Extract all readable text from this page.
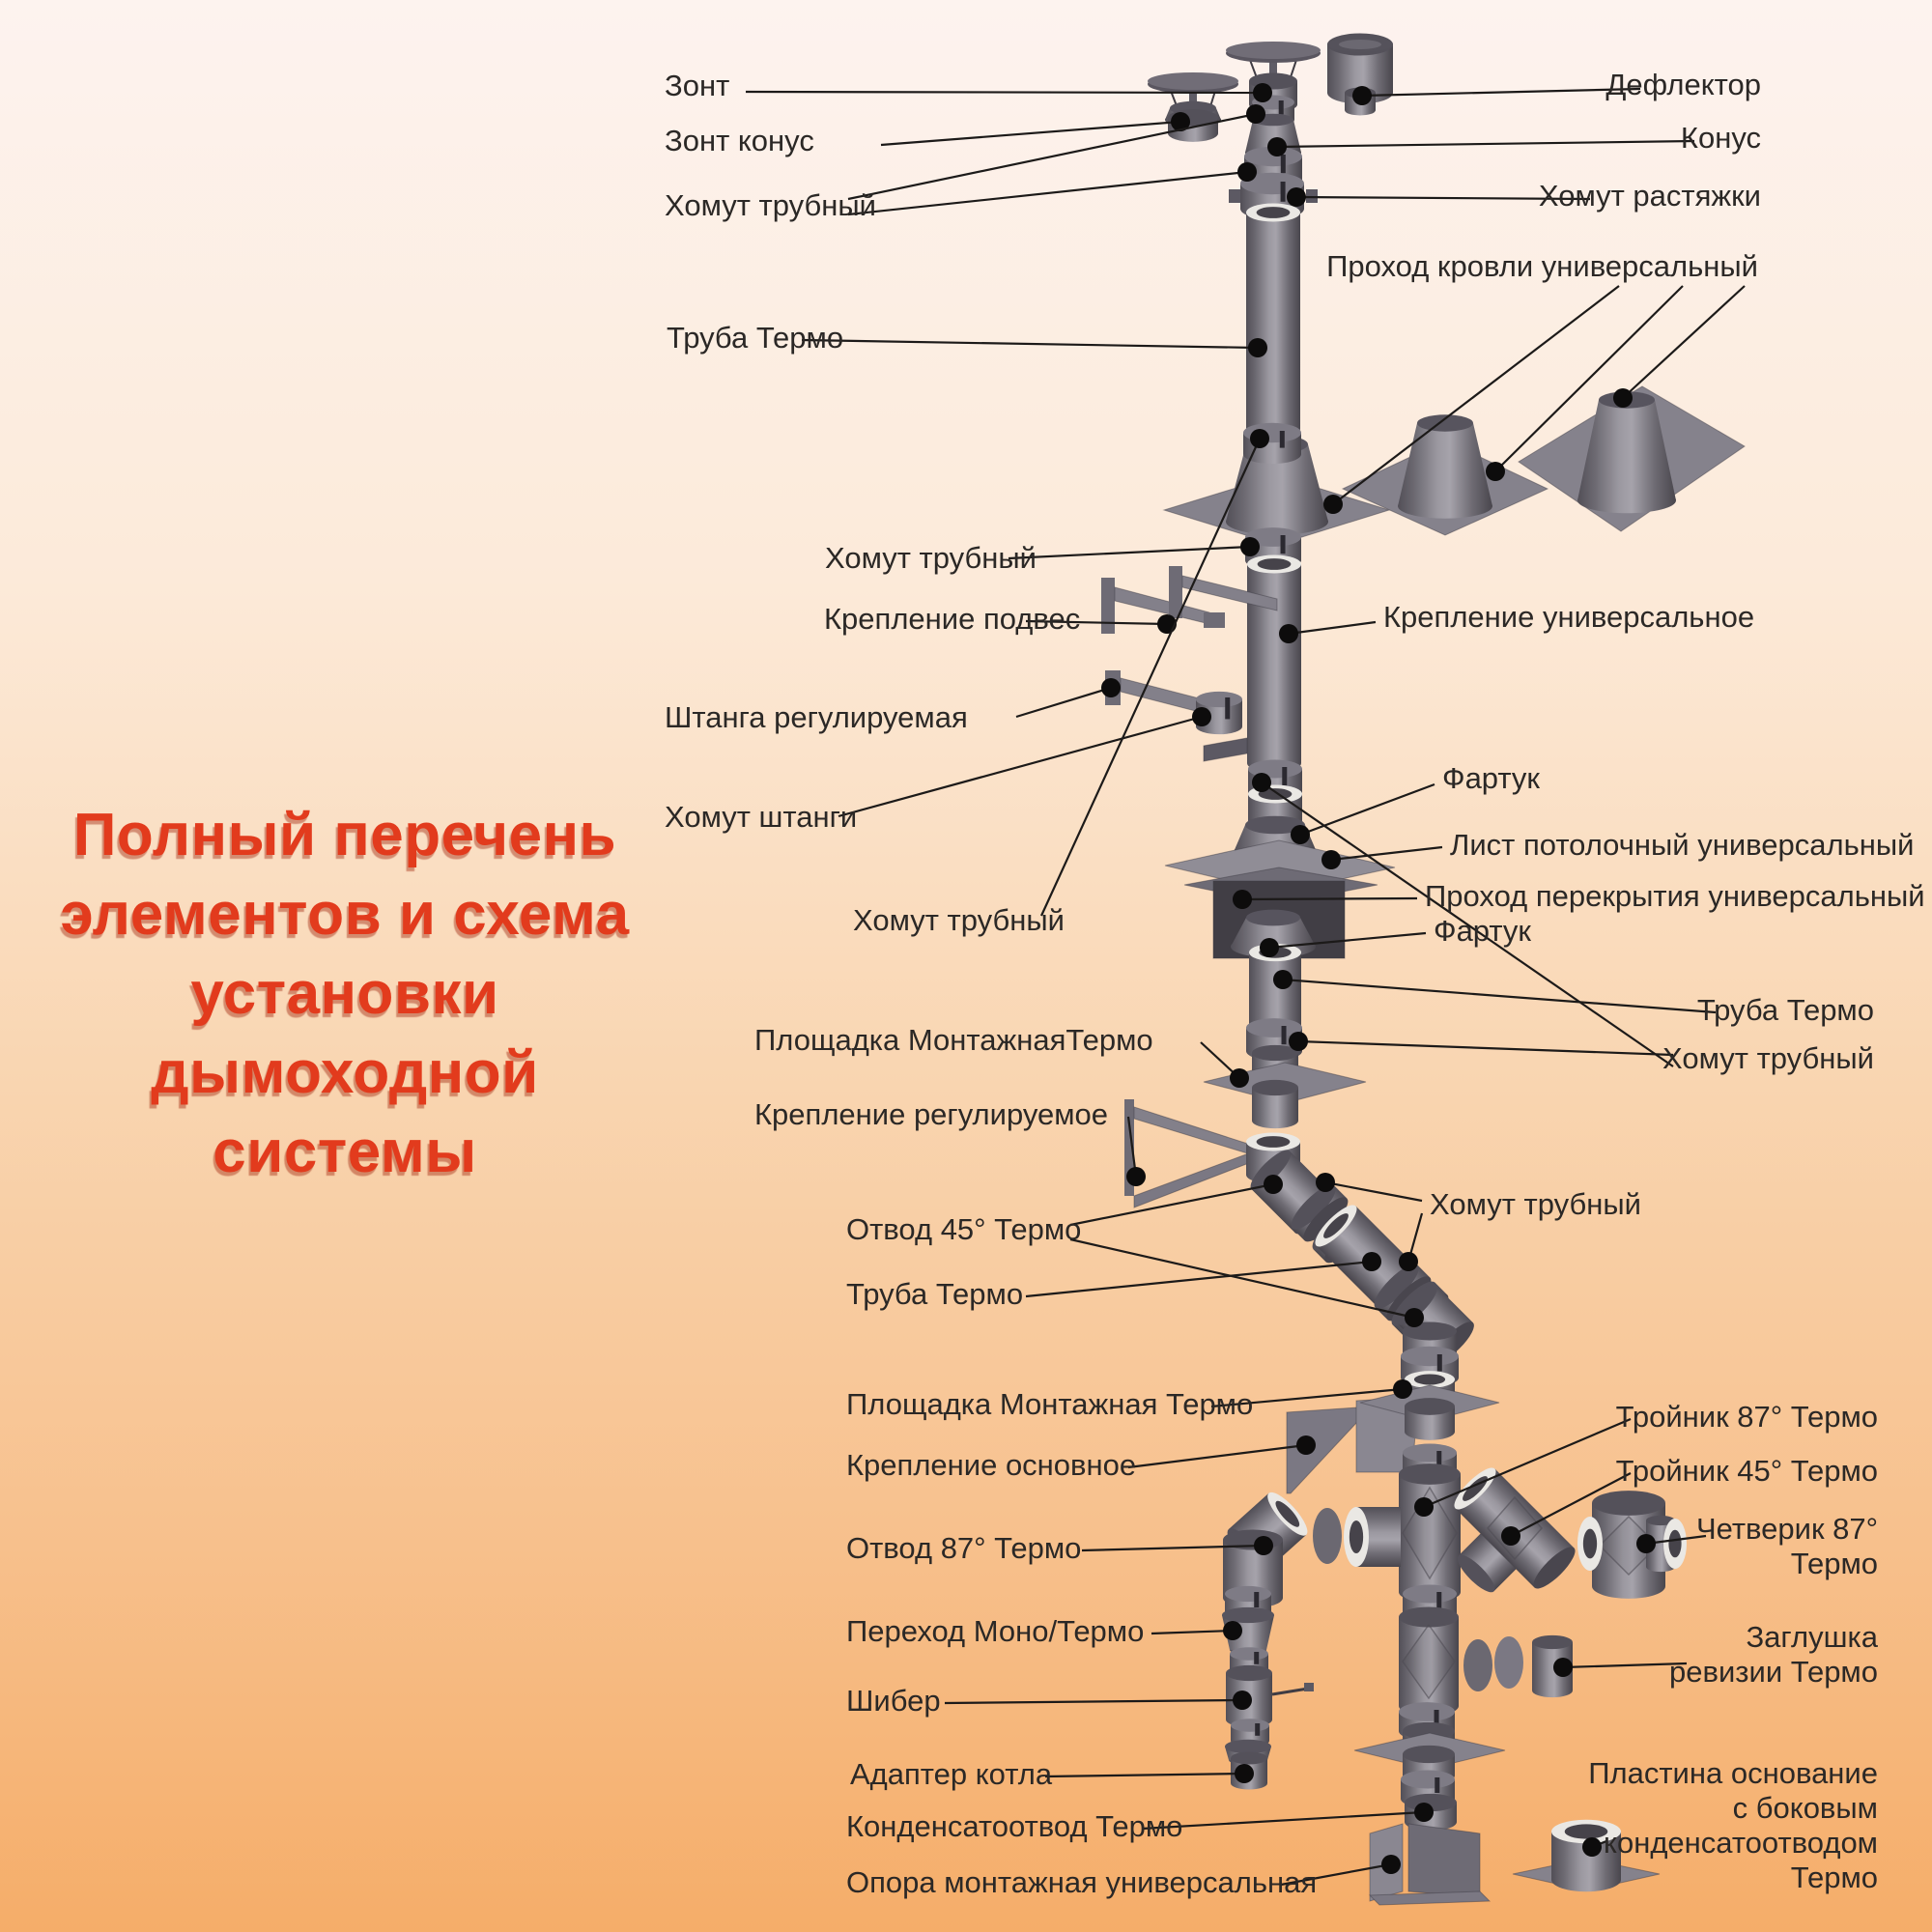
Полный перечень
элементов и схема
установки
дымоходной
системы
Зонт
Зонт конус
Хомут трубный
Труба Термо
Хомут трубный
Крепление подвес
Штанга регулируемая
Хомут штанги
Хомут трубный
Площадка МонтажнаяТермо
Крепление регулируемое
Отвод 45° Термо
Труба Термо
Площадка Монтажная Термо
Крепление основное
Отвод 87° Термо
Переход Моно/Термо
Шибер
Адаптер котла
Конденсатоотвод Термо
Опора монтажная универсальная
Дефлектор
Конус
Хомут растяжки
Проход кровли универсальный
Крепление универсальное
Фартук
Лист потолочный универсальный
Проход перекрытия универсальный
Фартук
Труба Термо
Хомут трубный
Хомут трубный
Тройник 87° Термо
Тройник 45° Термо
Четверик 87° Термо
Заглушка ревизии Термо
Пластина основание с боковым конденсатоотводом Термо
